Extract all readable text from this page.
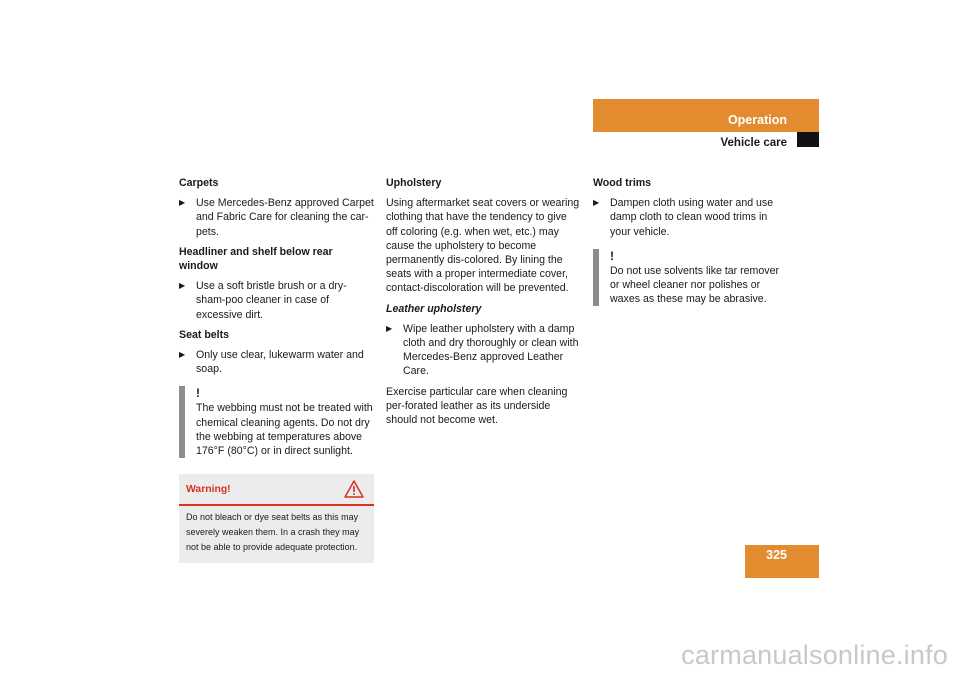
Operation
Vehicle care
Carpets
▶	Use Mercedes-Benz approved Carpet and Fabric Care for cleaning the car-pets.
Headliner and shelf below rear window
▶	Use a soft bristle brush or a dry-sham-poo cleaner in case of excessive dirt.
Seat belts
▶	Only use clear, lukewarm water and soap.
!
The webbing must not be treated with chemical cleaning agents. Do not dry the webbing at temperatures above 176°F (80°C) or in direct sunlight.
Warning!
Do not bleach or dye seat belts as this may severely weaken them. In a crash they may not be able to provide adequate protection.
Upholstery
Using aftermarket seat covers or wearing clothing that have the tendency to give off coloring (e.g. when wet, etc.) may cause the upholstery to become permanently dis-colored. By lining the seats with a proper intermediate cover, contact-discoloration will be prevented.
Leather upholstery
▶	Wipe leather upholstery with a damp cloth and dry thoroughly or clean with Mercedes-Benz approved Leather Care.
Exercise particular care when cleaning per-forated leather as its underside should not become wet.
Wood trims
▶	Dampen cloth using water and use damp cloth to clean wood trims in your vehicle.
!
Do not use solvents like tar remover or wheel cleaner nor polishes or waxes as these may be abrasive.
325
carmanualsonline.info
